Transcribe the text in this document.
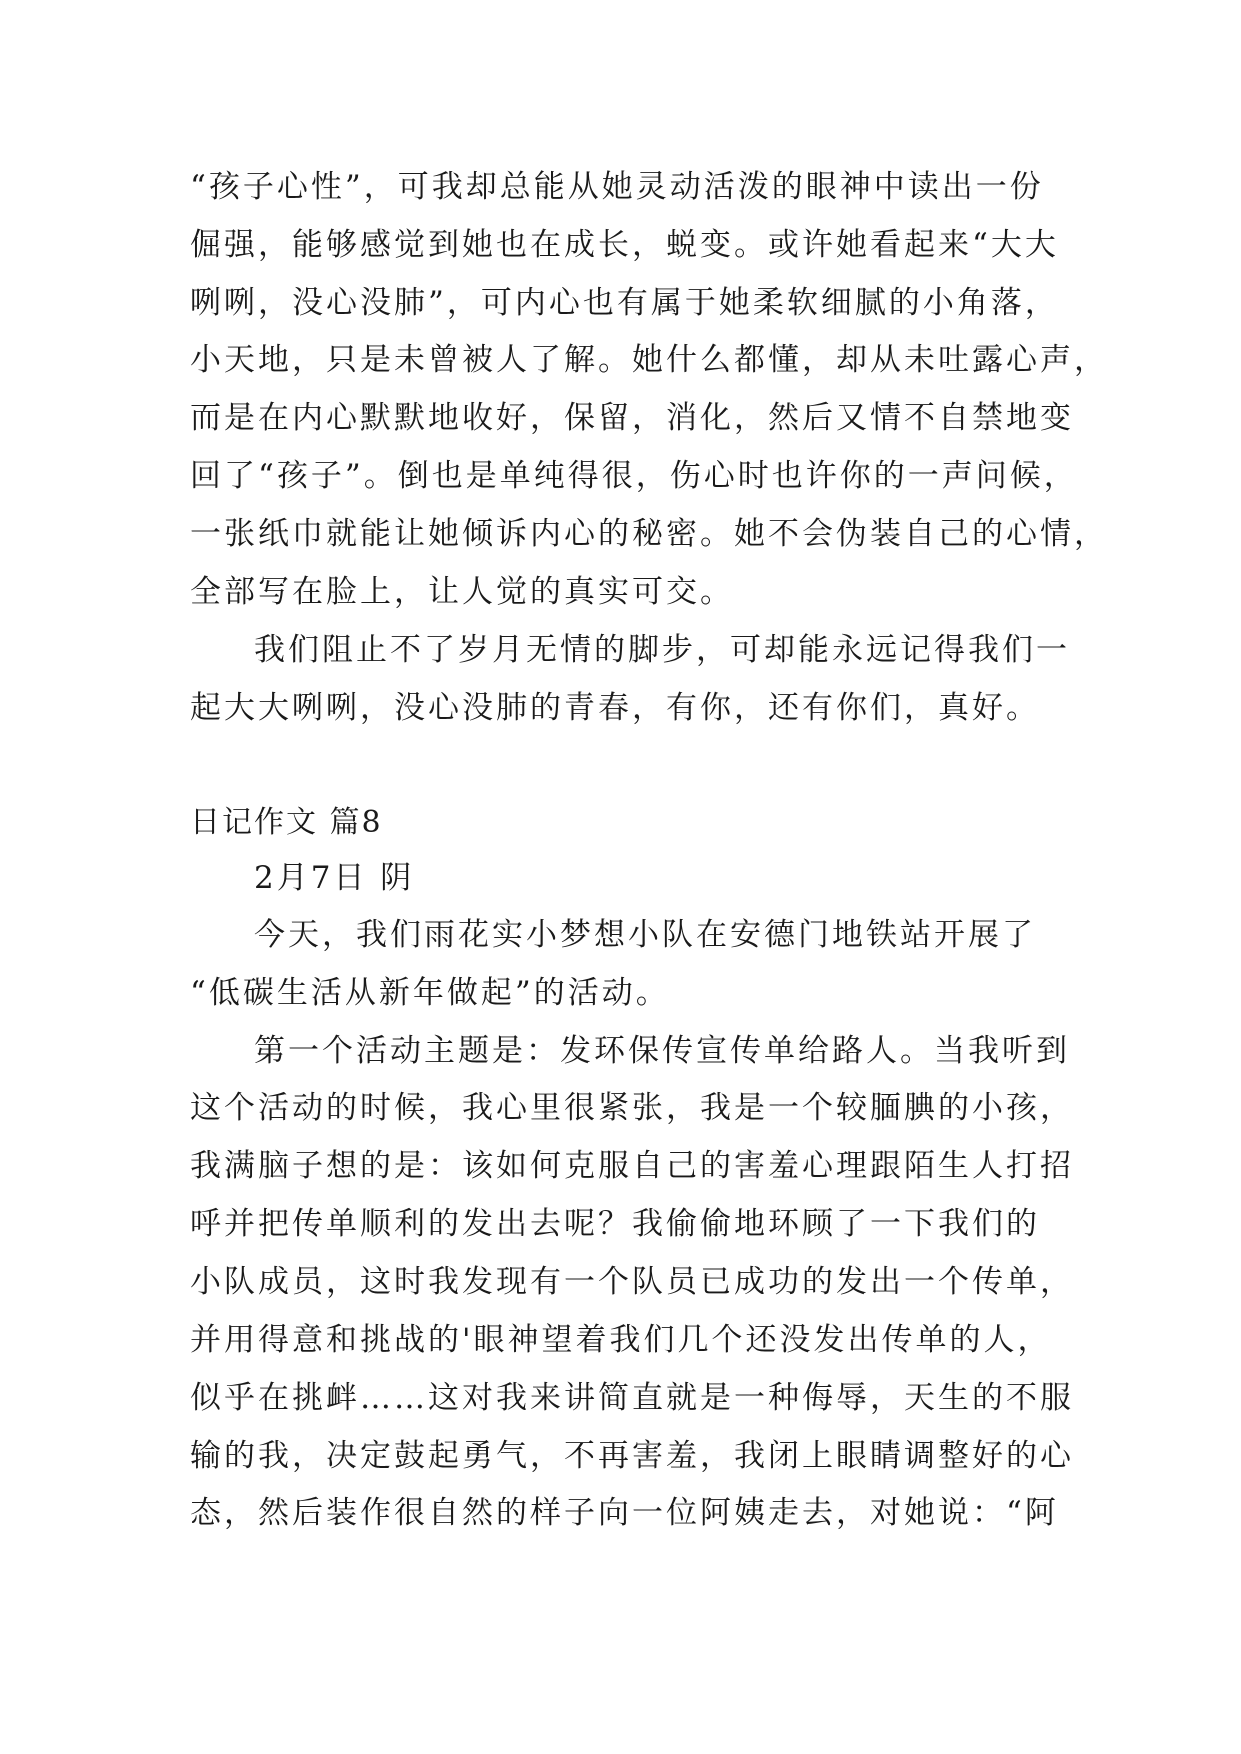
“孩子心性”，可我却总能从她灵动活泼的眼神中读出一份
倔强，能够感觉到她也在成长，蜕变。或许她看起来“大大
咧咧，没心没肺”，可内心也有属于她柔软细腻的小角落，
小天地，只是未曾被人了解。她什么都懂，却从未吐露心声，
而是在内心默默地收好，保留，消化，然后又情不自禁地变
回了“孩子”。倒也是单纯得很，伤心时也许你的一声问候，
一张纸巾就能让她倾诉内心的秘密。她不会伪装自己的心情，
全部写在脸上，让人觉的真实可交。
我们阻止不了岁月无情的脚步，可却能永远记得我们一
起大大咧咧，没心没肺的青春，有你，还有你们，真好。
日记作文 篇8
2月7日 阴
今天，我们雨花实小梦想小队在安德门地铁站开展了
“低碳生活从新年做起”的活动。
第一个活动主题是：发环保传宣传单给路人。当我听到
这个活动的时候，我心里很紧张，我是一个较腼腆的小孩，
我满脑子想的是：该如何克服自己的害羞心理跟陌生人打招
呼并把传单顺利的发出去呢？我偷偷地环顾了一下我们的
小队成员，这时我发现有一个队员已成功的发出一个传单，
并用得意和挑战的'眼神望着我们几个还没发出传单的人，
似乎在挑衅……这对我来讲简直就是一种侮辱，天生的不服
输的我，决定鼓起勇气，不再害羞，我闭上眼睛调整好的心
态，然后装作很自然的样子向一位阿姨走去，对她说：“阿
